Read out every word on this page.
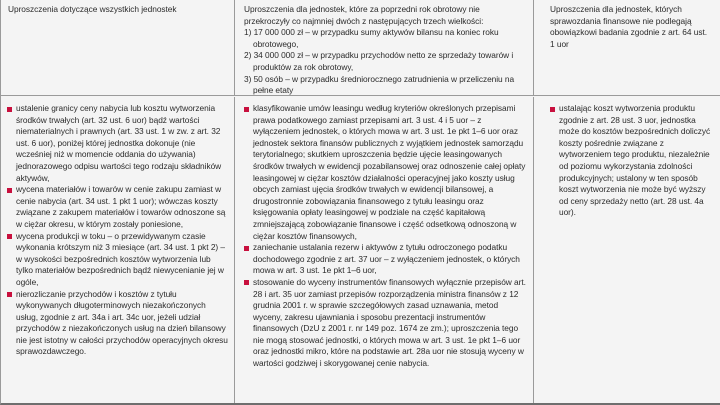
Uproszczenia dotyczące wszystkich jednostek	Uproszczenia dla jednostek, które za poprzedni rok obrotowy nie przekroczyły co najmniej dwóch z następujących trzech wielkości:
1) 17 000 000 zł – w przypadku sumy aktywów bilansu na koniec roku obrotowego,
2) 34 000 000 zł – w przypadku przychodów netto ze sprzedaży towarów i produktów za rok obrotowy,
3) 50 osób – w przypadku średniorocznego zatrudnienia w przeliczeniu na pełne etaty
Uproszczenia dla jednostek, których sprawozdania finansowe nie podlegają obowiązkowi badania zgodnie z art. 64 ust. 1 uor
ustalenie granicy ceny nabycia lub kosztu wytworzenia środków trwałych (art. 32 ust. 6 uor) bądź wartości niematerialnych i prawnych (art. 33 ust. 1 w zw. z art. 32 ust. 6 uor), poniżej której jednostka dokonuje (nie wcześniej niż w momencie oddania do używania) jednorazowego odpisu wartości tego rodzaju składników aktywów,
wycena materiałów i towarów w cenie zakupu zamiast w cenie nabycia (art. 34 ust. 1 pkt 1 uor); wówczas koszty związane z zakupem materiałów i towarów odnoszone są w ciężar okresu, w którym zostały poniesione,
wycena produkcji w toku – o przewidywanym czasie wykonania krótszym niż 3 miesiące (art. 34 ust. 1 pkt 2) – w wysokości bezpośrednich kosztów wytworzenia lub tylko materiałów bezpośrednich bądź niewycenianie jej w ogóle,
nierozliczanie przychodów i kosztów z tytułu wykonywanych długoterminowych niezakończonych usług, zgodnie z art. 34a i art. 34c uor, jeżeli udział przychodów z niezakończonych usług na dzień bilansowy nie jest istotny w całości przychodów operacyjnych okresu sprawozdawczego.
klasyfikowanie umów leasingu według kryteriów określonych przepisami prawa podatkowego zamiast przepisami art. 3 ust. 4 i 5 uor – z wyłączeniem jednostek, o których mowa w art. 3 ust. 1e pkt 1–6 uor oraz jednostek sektora finansów publicznych z wyjątkiem jednostek samorządu terytorialnego; skutkiem uproszczenia będzie ujęcie leasingowanych środków trwałych w ewidencji pozabilansowej oraz odnoszenie całej opłaty leasingowej w ciężar kosztów działalności operacyjnej jako koszty usług obcych zamiast ujęcia środków trwałych w ewidencji bilansowej, a drugostronnie zobowiązania finansowego z tytułu leasingu oraz księgowania opłaty leasingowej w podziale na część kapitałową zmniejszającą zobowiązanie finansowe i część odsetkową odnoszoną w ciężar kosztów finansowych,
zaniechanie ustalania rezerw i aktywów z tytułu odroczonego podatku dochodowego zgodnie z art. 37 uor – z wyłączeniem jednostek, o których mowa w art. 3 ust. 1e pkt 1–6 uor,
stosowanie do wyceny instrumentów finansowych wyłącznie przepisów art. 28 i art. 35 uor zamiast przepisów rozporządzenia ministra finansów z 12 grudnia 2001 r. w sprawie szczegółowych zasad uznawania, metod wyceny, zakresu ujawniania i sposobu prezentacji instrumentów finansowych (DzU z 2001 r. nr 149 poz. 1674 ze zm.); uproszczenia tego nie mogą stosować jednostki, o których mowa w art. 3 ust. 1e pkt 1–6 uor oraz jednostki mikro, które na podstawie art. 28a uor nie stosują wyceny w wartości godziwej i skorygowanej cenie nabycia.
ustalając koszt wytworzenia produktu zgodnie z art. 28 ust. 3 uor, jednostka może do kosztów bezpośrednich doliczyć koszty pośrednie związane z wytworzeniem tego produktu, niezależnie od poziomu wykorzystania zdolności produkcyjnych; ustalony w ten sposób koszt wytworzenia nie może być wyższy od ceny sprzedaży netto (art. 28 ust. 4a uor).
